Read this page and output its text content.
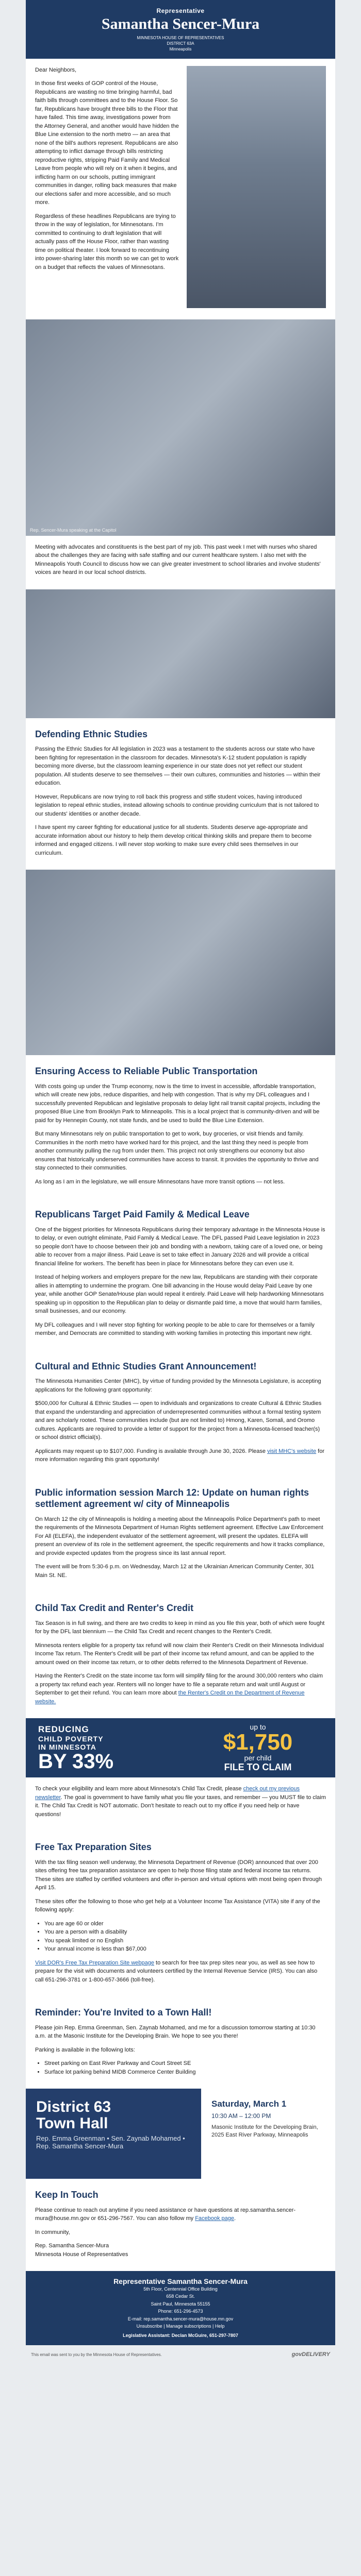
Representative
Samantha Sencer-Mura
MINNESOTA HOUSE OF REPRESENTATIVES
DISTRICT 63A
Minneapolis

Dear Neighbors,

In those first weeks of GOP control of the House, Republicans are wasting no time bringing harmful, bad faith bills through committees and to the House Floor. So far, Republicans have brought three bills to the Floor that have failed. This time away, investigations power from the Attorney General, and another would have hidden the Blue Line extension to the north metro — an area that none of the bill's authors represent. Republicans are also attempting to inflict damage through bills restricting reproductive rights, stripping Paid Family and Medical Leave from people who will rely on it when it begins, and inflicting harm on our schools, putting immigrant communities in danger, rolling back measures that make our elections safer and more accessible, and so much more.

Regardless of these headlines Republicans are trying to throw in the way of legislation, for Minnesotans. I'm committed to continuing to draft legislation that will actually pass off the House Floor, rather than wasting time on political theater. I look forward to recontinuing into power-sharing later this month so we can get to work on a budget that reflects the values of Minnesotans.

Rep. Sencer-Mura speaking at the Capitol

Meeting with advocates and constituents is the best part of my job. This past week I met with nurses who shared about the challenges they are facing with safe staffing and our current healthcare system. I also met with the Minneapolis Youth Council to discuss how we can give greater investment to school libraries and involve students' voices are heard in our local school districts.

Defending Ethnic Studies

Passing the Ethnic Studies for All legislation in 2023 was a testament to the students across our state who have been fighting for representation in the classroom for decades. Minnesota's K-12 student population is rapidly becoming more diverse, but the classroom learning experience in our state does not yet reflect our student population. All students deserve to see themselves — their own cultures, communities and histories — within their education.

However, Republicans are now trying to roll back this progress and stifle student voices, having introduced legislation to repeal ethnic studies, instead allowing schools to continue providing curriculum that is not tailored to our students' identities or another decade.

I have spent my career fighting for educational justice for all students. Students deserve age-appropriate and accurate information about our history to help them develop critical thinking skills and prepare them to become informed and engaged citizens. I will never stop working to make sure every child sees themselves in our curriculum.

Ensuring Access to Reliable Public Transportation

With costs going up under the Trump economy, now is the time to invest in accessible, affordable transportation, which will create new jobs, reduce disparities, and help with congestion. That is why my DFL colleagues and I successfully prevented Republican and legislative proposals to delay light rail transit capital projects, including the proposed Blue Line from Brooklyn Park to Minneapolis. This is a local project that is community-driven and will be paid for by Hennepin County, not state funds, and be used to build the Blue Line Extension.

But many Minnesotans rely on public transportation to get to work, buy groceries, or visit friends and family. Communities in the north metro have worked hard for this project, and the last thing they need is people from another community pulling the rug from under them. This project not only strengthens our economy but also ensures that historically underserved communities have access to transit. It provides the opportunity to thrive and stay connected to their communities.

As long as I am in the legislature, we will ensure Minnesotans have more transit options — not less.

Republicans Target Paid Family & Medical Leave

One of the biggest priorities for Minnesota Republicans during their temporary advantage in the Minnesota House is to delay, or even outright eliminate, Paid Family & Medical Leave. The DFL passed Paid Leave legislation in 2023 so people don't have to choose between their job and bonding with a newborn, taking care of a loved one, or being able to recover from a major illness. Paid Leave is set to take effect in January 2026 and will provide a critical financial lifeline for workers. The benefit has been in place for Minnesotans before they can even use it.

Instead of helping workers and employers prepare for the new law, Republicans are standing with their corporate allies in attempting to undermine the program. One bill advancing in the House would delay Paid Leave by one year, while another GOP Senate/House plan would repeal it entirely. Paid Leave will help hardworking Minnesotans speaking up in opposition to the Republican plan to delay or dismantle paid time, a move that would harm families, small businesses, and our economy.

My DFL colleagues and I will never stop fighting for working people to be able to care for themselves or a family member, and Democrats are committed to standing with working families in protecting this important new right.

Cultural and Ethnic Studies Grant Announcement!

The Minnesota Humanities Center (MHC), by virtue of funding provided by the Minnesota Legislature, is accepting applications for the following grant opportunity:

$500,000 for Cultural & Ethnic Studies — open to individuals and organizations to create Cultural & Ethnic Studies that expand the understanding and appreciation of underrepresented communities without a formal testing system and are scholarly rooted. These communities include (but are not limited to) Hmong, Karen, Somali, and Oromo cultures. Applicants are required to provide a letter of support for the project from a Minnesota-licensed teacher(s) or school district official(s).

Applicants may request up to $107,000. Funding is available through June 30, 2026. Please visit MHC's website for more information regarding this grant opportunity!

Public information session March 12: Update on human rights settlement agreement w/ city of Minneapolis

On March 12 the city of Minneapolis is holding a meeting about the Minneapolis Police Department's path to meet the requirements of the Minnesota Department of Human Rights settlement agreement. Effective Law Enforcement For All (ELEFA), the independent evaluator of the settlement agreement, will present the updates. ELEFA will present an overview of its role in the settlement agreement, the specific requirements and how it tracks compliance, and provide expected updates from the progress since its last annual report.

The event will be from 5:30-6 p.m. on Wednesday, March 12 at the Ukrainian American Community Center, 301 Main St. NE.

Child Tax Credit and Renter's Credit

Tax Season is in full swing, and there are two credits to keep in mind as you file this year, both of which were fought for by the DFL last biennium — the Child Tax Credit and recent changes to the Renter's Credit.

Minnesota renters eligible for a property tax refund will now claim their Renter's Credit on their Minnesota Individual Income Tax return. The Renter's Credit will be part of their income tax refund amount, and can be applied to the amount owed on their income tax return, or to other debts referred to the Minnesota Department of Revenue.

Having the Renter's Credit on the state income tax form will simplify filing for the around 300,000 renters who claim a property tax refund each year. Renters will no longer have to file a separate return and wait until August or September to get their refund. You can learn more about the Renter's Credit on the Department of Revenue website.

REDUCING
CHILD POVERTY
IN MINNESOTA
BY 33%
up to
$1,750
per child
FILE TO CLAIM

To check your eligibility and learn more about Minnesota's Child Tax Credit, please check out my previous newsletter. The goal is government to have family what you file your taxes, and remember — you MUST file to claim it. The Child Tax Credit is NOT automatic. Don't hesitate to reach out to my office if you need help or have questions!

Free Tax Preparation Sites

With the tax filing season well underway, the Minnesota Department of Revenue (DOR) announced that over 200 sites offering free tax preparation assistance are open to help those filing state and federal income tax returns. These sites are staffed by certified volunteers and offer in-person and virtual options with most being open through April 15.

These sites offer the following to those who get help at a Volunteer Income Tax Assistance (VITA) site if any of the following apply:

• You are age 60 or older
• You are a person with a disability
• You speak limited or no English
• Your annual income is less than $67,000

Visit DOR's Free Tax Preparation Site webpage to search for free tax prep sites near you, as well as see how to prepare for the visit with documents and volunteers certified by the Internal Revenue Service (IRS). You can also call 651-296-3781 or 1-800-657-3666 (toll-free).

Reminder: You're Invited to a Town Hall!

Please join Rep. Emma Greenman, Sen. Zaynab Mohamed, and me for a discussion tomorrow starting at 10:30 a.m. at the Masonic Institute for the Developing Brain. We hope to see you there!

Parking is available in the following lots:

• Street parking on East River Parkway and Court Street SE
• Surface lot parking behind MIDB Commerce Center Building
District 63
Town Hall
Rep. Emma Greenman • Sen. Zaynab Mohamed • Rep. Samantha Sencer-Mura
Saturday, March 1
10:30 AM – 12:00 PM
Masonic Institute for the Developing Brain, 2025 East River Parkway, Minneapolis
Keep In Touch

Please continue to reach out anytime if you need assistance or have questions at rep.samantha.sencer-mura@house.mn.gov or 651-296-7567. You can also follow my Facebook page.

In community,

Rep. Samantha Sencer-Mura

Minnesota House of Representatives

Representative Samantha Sencer-Mura
5th Floor, Centennial Office Building
658 Cedar St.
Saint Paul, Minnesota 55155
Phone: 651-296-4573
E-mail: rep.samantha.sencer-mura@house.mn.gov
Unsubscribe | Manage subscriptions | Help
Legislative Assistant: Declan McGuire, 651-297-7807
This email was sent to you by the Minnesota House of Representatives.	govDELIVERY
